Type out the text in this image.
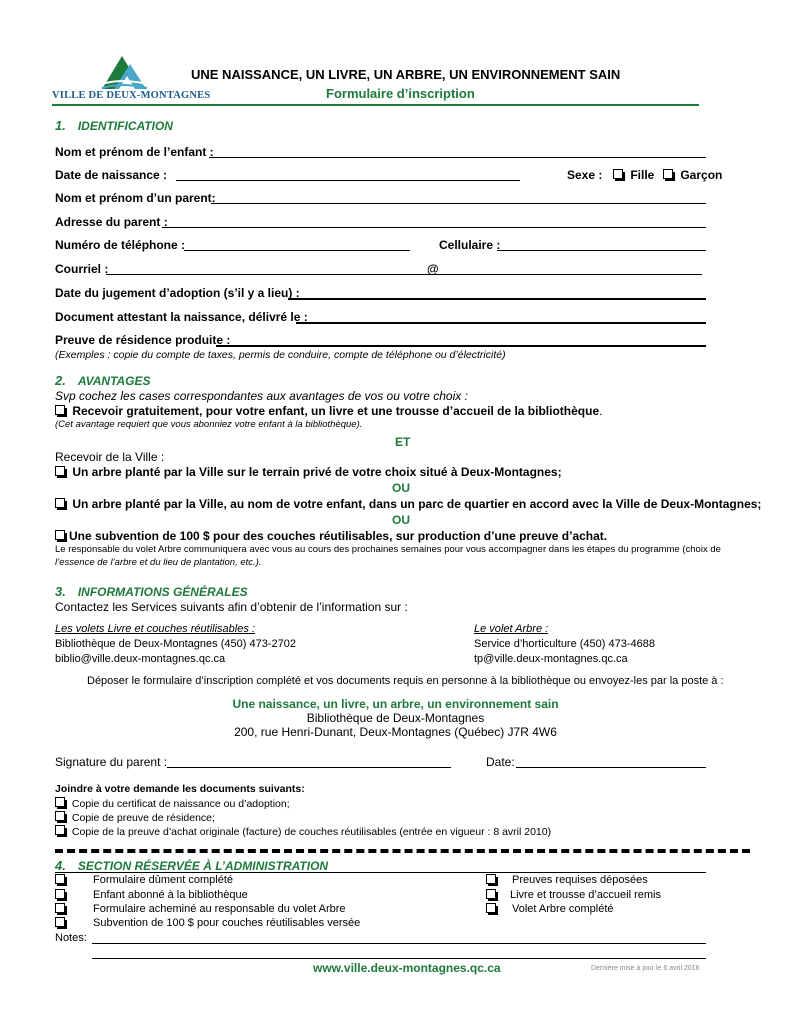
VILLE DE DEUX-MONTAGNES
UNE NAISSANCE, UN LIVRE, UN ARBRE, UN ENVIRONNEMENT SAIN
Formulaire d’inscription
1. IDENTIFICATION
Nom et prénom de l’enfant :
Date de naissance :	Sexe :	Fille	Garçon
Nom et prénom d’un parent:
Adresse du parent :
Numéro de téléphone :	Cellulaire :
Courriel :	@
Date du jugement d’adoption (s’il y a lieu) :
Document attestant la naissance, délivré le :
Preuve de résidence produite :
(Exemples : copie du compte de taxes, permis de conduire, compte de téléphone ou d’électricité)
2. AVANTAGES
Svp cochez les cases correspondantes aux avantages de vos ou votre choix :
Recevoir gratuitement, pour votre enfant, un livre et une trousse d’accueil de la bibliothèque.
(Cet avantage requiert que vous abonniez votre enfant à la bibliothèque).
ET
Recevoir de la Ville :
Un arbre planté par la Ville sur le terrain privé de votre choix situé à Deux-Montagnes;
OU
Un arbre planté par la Ville, au nom de votre enfant, dans un parc de quartier en accord avec la Ville de Deux-Montagnes;
OU
Une subvention de 100 $ pour des couches réutilisables, sur production d’une preuve d’achat.
Le responsable du volet Arbre communiquera avec vous au cours des prochaines semaines pour vous accompagner dans les étapes du programme (choix de
l’essence de l’arbre et du lieu de plantation, etc.).
3. INFORMATIONS GÉNÉRALES
Contactez les Services suivants afin d’obtenir de l’information sur :
Les volets Livre et couches réutilisables :
Bibliothèque de Deux-Montagnes (450) 473-2702
biblio@ville.deux-montagnes.qc.ca
Le volet Arbre :
Service d’horticulture (450) 473-4688
tp@ville.deux-montagnes.qc.ca
Déposer le formulaire d’inscription complété et vos documents requis en personne à la bibliothèque ou envoyez-les par la poste à :
Une naissance, un livre, un arbre, un environnement sain
Bibliothèque de Deux-Montagnes
200, rue Henri-Dunant, Deux-Montagnes (Québec) J7R 4W6
Signature du parent :	Date:
Joindre à votre demande les documents suivants:
Copie du certificat de naissance ou d’adoption;
Copie de preuve de résidence;
Copie de la preuve d’achat originale (facture) de couches réutilisables (entrée en vigueur : 8 avril 2010)
4. SECTION RÉSERVÉE À L’ADMINISTRATION
Formulaire dûment complété
Enfant abonné à la bibliothèque
Formulaire acheminé au responsable du volet Arbre
Subvention de 100 $ pour couches réutilisables versée
Preuves requises déposées
Livre et trousse d’accueil remis
Volet Arbre complété
Notes:
www.ville.deux-montagnes.qc.ca	Dernière mise à jour le 6 avril 2016
